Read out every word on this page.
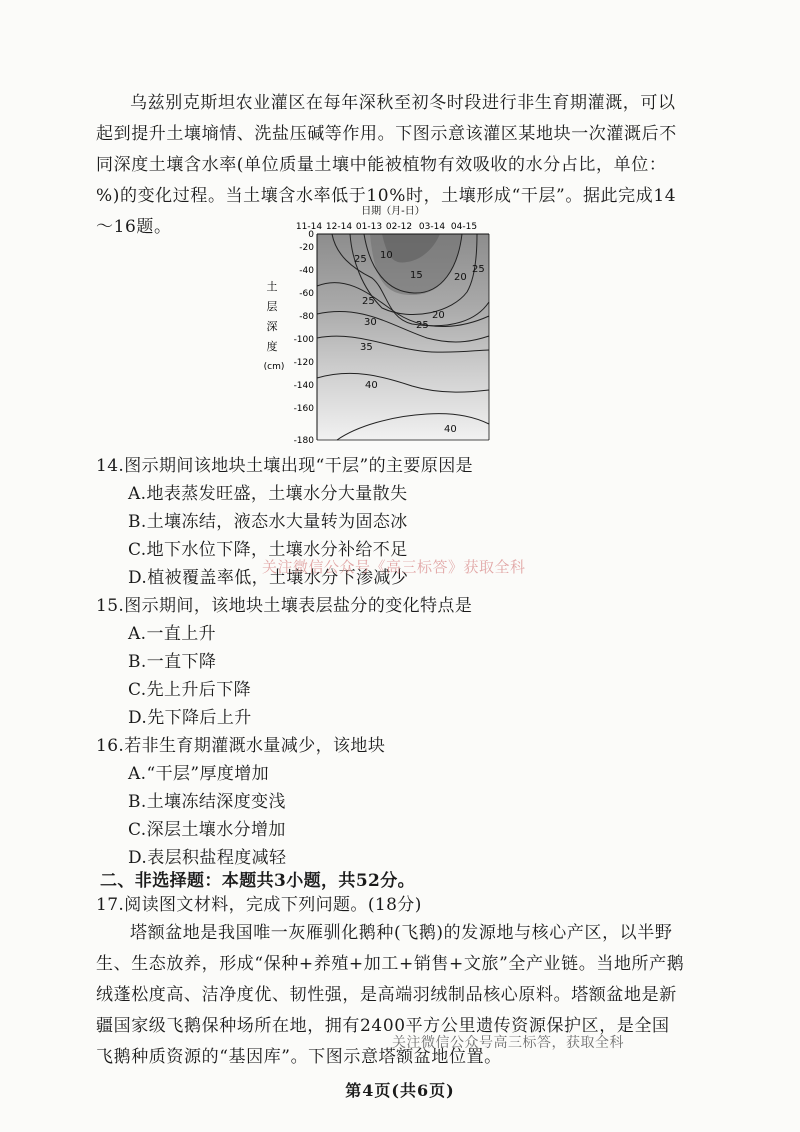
乌兹别克斯坦农业灌区在每年深秋至初冬时段进行非生育期灌溉，可以起到提升土壤墒情、洗盐压碱等作用。下图示意该灌区某地块一次灌溉后不同深度土壤含水率(单位质量土壤中能被植物有效吸收的水分占比，单位：%)的变化过程。当土壤含水率低于10%时，土壤形成“干层”。据此完成14～16题。
日期（月-日）
11-14 12-14 01-13 02-12 03-14 04-15
10
15
25
25
20
25
20
25
30
35
40
40
0
-20
-40
-60
-80
-100
-120
-140
-160
-180
土
层
深
度
(cm)
14.图示期间该地块土壤出现“干层”的主要原因是
A.地表蒸发旺盛，土壤水分大量散失
B.土壤冻结，液态水大量转为固态冰
C.地下水位下降，土壤水分补给不足
D.植被覆盖率低，土壤水分下渗减少
关注微信公众号《高三标答》获取全科
15.图示期间，该地块土壤表层盐分的变化特点是
A.一直上升
B.一直下降
C.先上升后下降
D.先下降后上升
16.若非生育期灌溉水量减少，该地块
A.“干层”厚度增加
B.土壤冻结深度变浅
C.深层土壤水分增加
D.表层积盐程度减轻
二、非选择题：本题共3小题，共52分。
17.阅读图文材料，完成下列问题。(18分)
塔额盆地是我国唯一灰雁驯化鹅种(飞鹅)的发源地与核心产区，以半野生、生态放养，形成“保种+养殖+加工+销售+文旅”全产业链。当地所产鹅绒蓬松度高、洁净度优、韧性强，是高端羽绒制品核心原料。塔额盆地是新疆国家级飞鹅保种场所在地，拥有2400平方公里遗传资源保护区，是全国飞鹅种质资源的“基因库”。下图示意塔额盆地位置。
关注微信公众号高三标答，获取全科
第4页(共6页)
